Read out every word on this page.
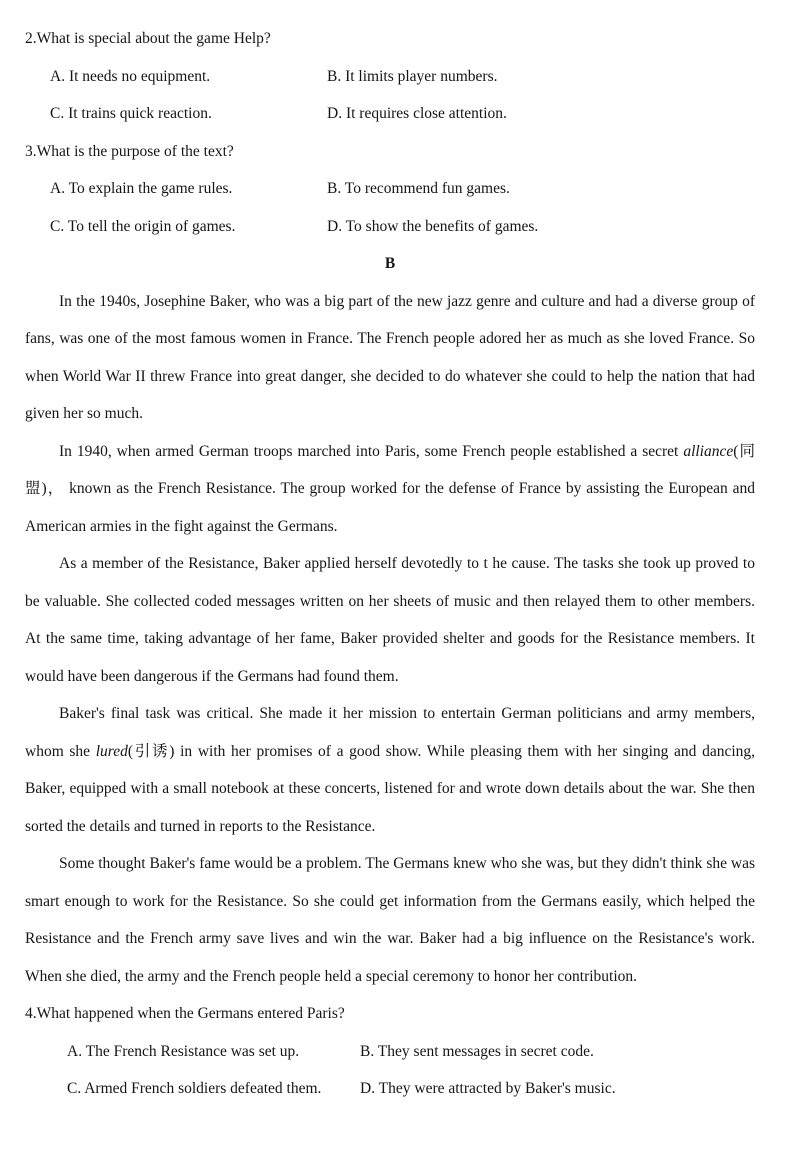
2.What is special about the game Help?

A. It needs no equipment.	B. It limits player numbers.
C. It trains quick reaction.	D. It requires close attention.

3.What is the purpose of the text?

A. To explain the game rules.	B. To recommend fun games.
C. To tell the origin of games.	D. To show the benefits of games.

B

In the 1940s, Josephine Baker, who was a big part of the new jazz genre and culture and had a diverse group of fans, was one of the most famous women in France. The French people adored her as much as she loved France. So when World War II threw France into great danger, she decided to do whatever she could to help the nation that had given her so much.

In 1940, when armed German troops marched into Paris, some French people established a secret alliance(同盟)， known as the French Resistance. The group worked for the defense of France by assisting the European and American armies in the fight against the Germans.

As a member of the Resistance, Baker applied herself devotedly to t he cause. The tasks she took up proved to be valuable. She collected coded messages written on her sheets of music and then relayed them to other members. At the same time, taking advantage of her fame, Baker provided shelter and goods for the Resistance members. It would have been dangerous if the Germans had found them.

Baker's final task was critical. She made it her mission to entertain German politicians and army members, whom she lured(引诱) in with her promises of a good show. While pleasing them with her singing and dancing, Baker, equipped with a small notebook at these concerts, listened for and wrote down details about the war. She then sorted the details and turned in reports to the Resistance.

Some thought Baker's fame would be a problem. The Germans knew who she was, but they didn't think she was smart enough to work for the Resistance. So she could get information from the Germans easily, which helped the Resistance and the French army save lives and win the war. Baker had a big influence on the Resistance's work. When she died, the army and the French people held a special ceremony to honor her contribution.

4.What happened when the Germans entered Paris?

A. The French Resistance was set up.	B. They sent messages in secret code.
C. Armed French soldiers defeated them.	D. They were attracted by Baker's music.
